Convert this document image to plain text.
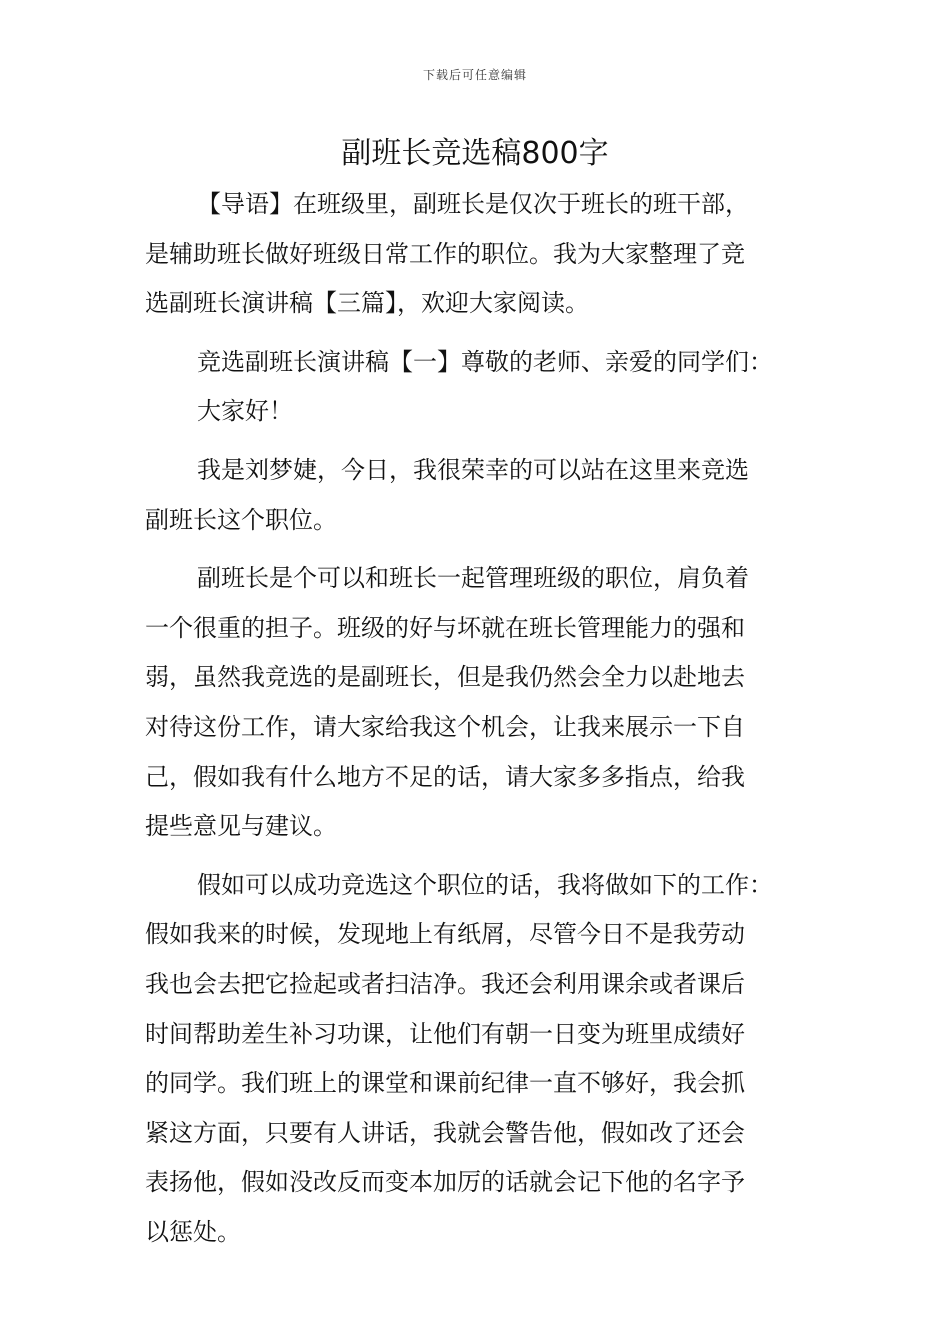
下载后可任意编辑
副班长竞选稿800字
【导语】在班级里，副班长是仅次于班长的班干部，
是辅助班长做好班级日常工作的职位。我为大家整理了竞
选副班长演讲稿【三篇】，欢迎大家阅读。
竞选副班长演讲稿【一】尊敬的老师、亲爱的同学们：
大家好！
我是刘梦婕，今日，我很荣幸的可以站在这里来竞选
副班长这个职位。
副班长是个可以和班长一起管理班级的职位，肩负着
一个很重的担子。班级的好与坏就在班长管理能力的强和
弱，虽然我竞选的是副班长，但是我仍然会全力以赴地去
对待这份工作，请大家给我这个机会，让我来展示一下自
己，假如我有什么地方不足的话，请大家多多指点，给我
提些意见与建议。
假如可以成功竞选这个职位的话，我将做如下的工作：
假如我来的时候，发现地上有纸屑，尽管今日不是我劳动
我也会去把它捡起或者扫洁净。我还会利用课余或者课后
时间帮助差生补习功课，让他们有朝一日变为班里成绩好
的同学。我们班上的课堂和课前纪律一直不够好，我会抓
紧这方面，只要有人讲话，我就会警告他，假如改了还会
表扬他，假如没改反而变本加厉的话就会记下他的名字予
以惩处。
